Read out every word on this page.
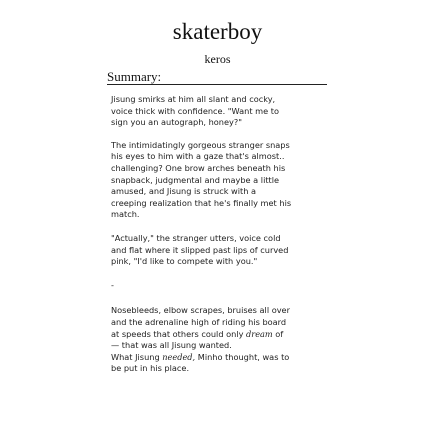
skaterboy
keros
Summary:

Jisung smirks at him all slant and cocky,
voice thick with confidence. "Want me to
sign you an autograph, honey?"

The intimidatingly gorgeous stranger snaps
his eyes to him with a gaze that's almost..
challenging? One brow arches beneath his
snapback, judgmental and maybe a little
amused, and Jisung is struck with a
creeping realization that he's finally met his
match.

"Actually," the stranger utters, voice cold
and flat where it slipped past lips of curved
pink, "I'd like to compete with you."

-

Nosebleeds, elbow scrapes, bruises all over
and the adrenaline high of riding his board
at speeds that others could only dream of
— that was all Jisung wanted.

What Jisung needed, Minho thought, was to
be put in his place.
